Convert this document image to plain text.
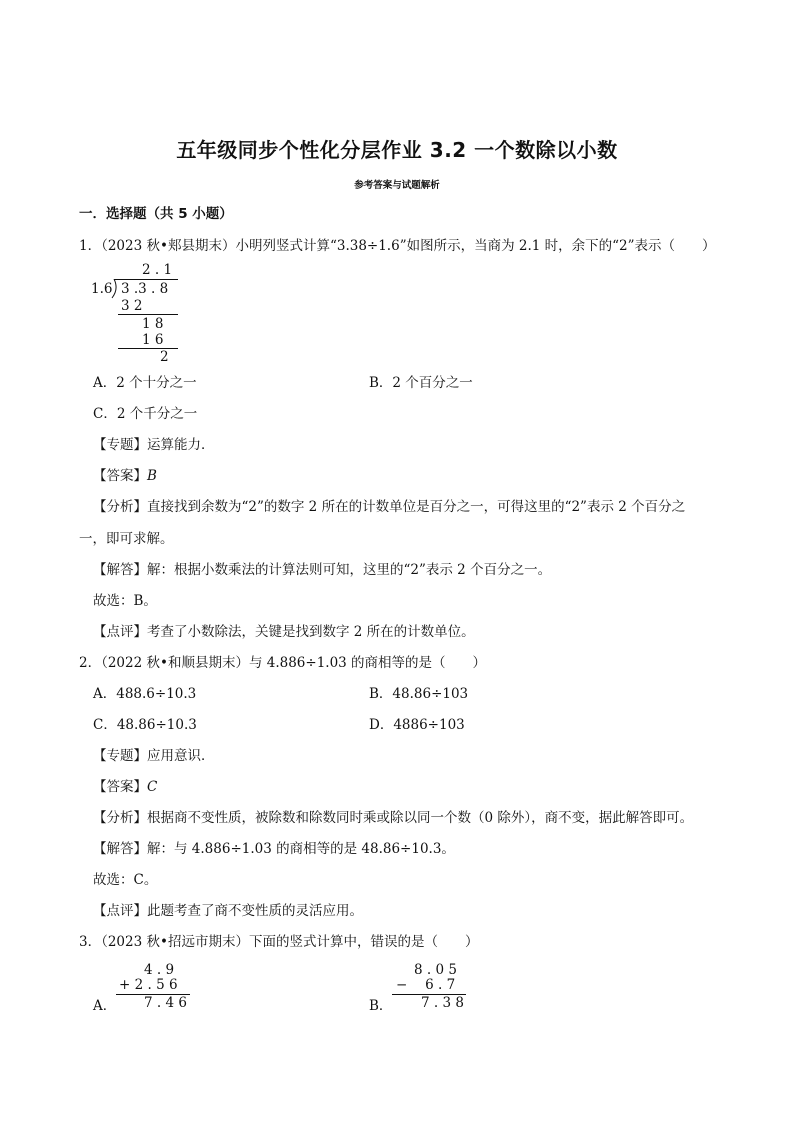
五年级同步个性化分层作业 3.2 一个数除以小数
参考答案与试题解析
一．选择题（共 5 小题）
1．（2023 秋•郏县期末）小明列竖式计算“3.38÷1.6”如图所示，当商为 2.1 时，余下的“2”表示（　　）
2 . 1
1.6 3 .3 . 8
3 2
1 8
1 6
2
A．2 个十分之一	B．2 个百分之一
C．2 个千分之一
【专题】运算能力．
【答案】B
【分析】直接找到余数为“2”的数字 2 所在的计数单位是百分之一，可得这里的“2”表示 2 个百分之
一，即可求解。
【解答】解：根据小数乘法的计算法则可知，这里的“2”表示 2 个百分之一。
故选：B。
【点评】考查了小数除法，关键是找到数字 2 所在的计数单位。
2．（2022 秋•和顺县期末）与 4.886÷1.03 的商相等的是（　　）
A．488.6÷10.3	B．48.86÷103
C．48.86÷10.3	D．4886÷103
【专题】应用意识．
【答案】C
【分析】根据商不变性质，被除数和除数同时乘或除以同一个数（0 除外），商不变，据此解答即可。
【解答】解：与 4.886÷1.03 的商相等的是 48.86÷10.3。
故选：C。
【点评】此题考查了商不变性质的灵活应用。
3．（2023 秋•招远市期末）下面的竖式计算中，错误的是（　　）
4 . 9
+ 2 . 5 6
A． 7 . 4 6
8 . 0 5
−　 6 . 7
B． 7 . 3 8
